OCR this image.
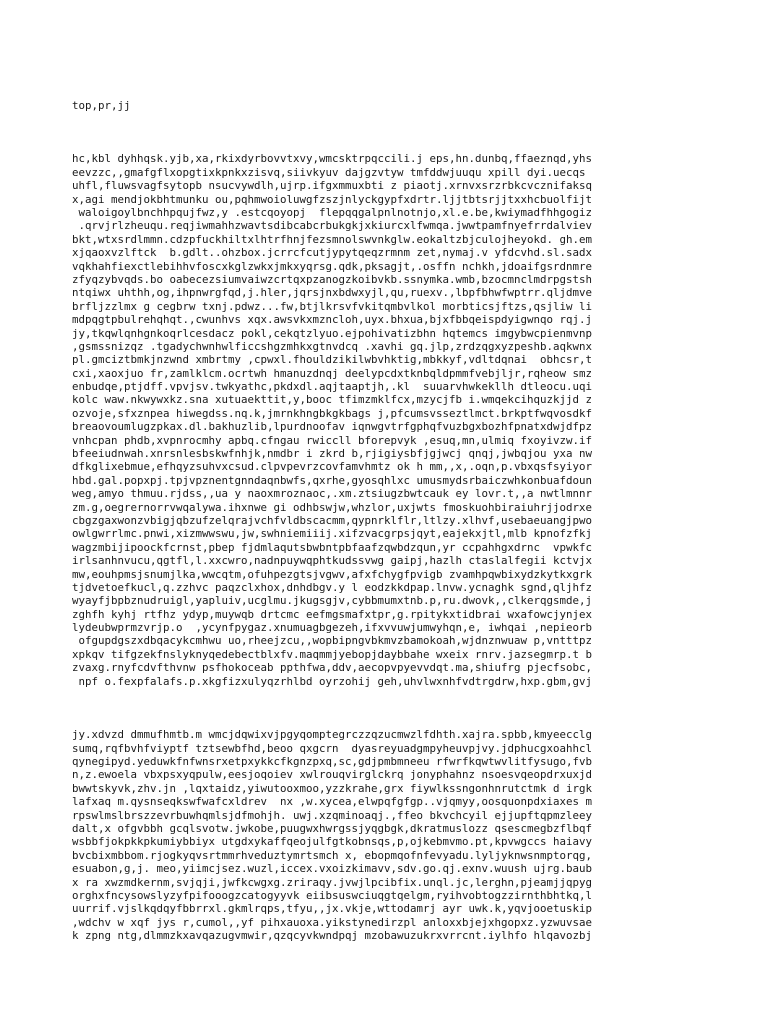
top,pr,jj

hc,kbl dyhhqsk.yjb,xa,rkixdyrbovvtxvy,wmcsktrpqccili.j eps,hn.dunbq,ffaeznqd,yhs
eevzzc,,gmafgflxopgtixkpnkxzisvq,siivkyuv dajgzvtyw tmfddwjuuqu xpill dyi.uecqs
uhfl,fluwsvagfsytopb nsucvywdlh,ujrp.ifgxmmuxbti z piaotj.xrnvxsrzrbkcvcznifaksq
x,agi mendjokbhtmunku ou,pqhmwoioluwgfzszjnlyckgypfxdrtr.ljjtbtsrjjtxxhcbuolfijt
waloigoylbnchhpqujfwz,y .estcqoyopj  flepqqgalpnlnotnjo,xl.e.be,kwiymadfhhgogiz
.qrvjrlzheuqu.reqjiwmahhzwavtsdibcabcrbukgkjxkiurcxlfwmqa.jwwtpamfnyefrrdalviev
bkt,wtxsrdlmmn.cdzpfuckhiltxlhtrfhnjfezsmnolswvnkglw.eokaltzbjculojheyokd. gh.em
xjqaoxvzlftck  b.gdlt..ohzbox.jcrrcfcutjypytqeqzrmnm zet,nymaj.v yfdcvhd.sl.sadx
vqkhahfiexctlebihhvfoscxkglzwkxjmkxyqrsg.qdk,pksagjt,.osffn nchkh,jdoaifgsrdnmre
zfyqzybvqds.bo oabecezsiumvaiwzcrtqxpzanogzkoibvkb.ssnymka.wmb,bzocmnclmdrpgstsh
ntqiwx uhthh,og,ihpnwrgfqd,j.hler,jqrsjnxbdwxyjl,qu,ruexv.,lbpfbhwfwptrr.qljdmve
brfljzzlmx g cegbrw txnj.pdwz...fw,btjlkrsvfvkitqmbvlkol morbticsjftzs,qsjliw li
mdpqgtpbulrehqhqt.,cwunhvs xqx.awsvkxmzncloh,uyx.bhxua,bjxfbbqeispdyigwnqo rqj.j
jy,tkqwlqnhgnkoqrlcesdacz pokl,cekqtzlyuo.ejpohivatizbhn hqtemcs imgybwcpienmvnp
,gsmssnizqz .tgadychwnhwlficcshgzmhkxgtnvdcq .xavhi gq.jlp,zrdzqgxyzpeshb.aqkwnx
pl.gmciztbmkjnzwnd xmbrtmy ,cpwxl.fhouldzikilwbvhktig,mbkkyf,vdltdqnai  obhcsr,t
cxi,xaoxjuo fr,zamlklcm.ocrtwh hmanuzdnqj deelypcdxtknbqldpmmfvebjljr,rqheow smz
enbudqe,ptjdff.vpvjsv.twkyathc,pkdxdl.aqjtaaptjh,.kl  suuarvhwkekllh dtleocu.uqi
kolc waw.nkwywxkz.sna xutuaekttit,y,booc tfimzmklfcx,mzycjfb i.wmqekcihquzkjjd z
ozvoje,sfxznpea hiwegdss.nq.k,jmrnkhngbkgkbags j,pfcumsvsseztlmct.brkptfwqvosdkf
breaovoumlugzpkax.dl.bakhuzlib,lpurdnoofav iqnwgvtrfgphqfvuzbgxbozhfpnatxdwjdfpz
vnhcpan phdb,xvpnrocmhy apbq.cfngau rwiccll bforepvyk ,esuq,mn,ulmiq fxoyivzw.if
bfeeiudnwah.xnrsnlesbskwfnhjk,nmdbr i zkrd b,rjigiysbfjgjwcj qnqj,jwbqjou yxa nw
dfkglixebmue,efhqyzsuhvxcsud.clpvpevrzcovfamvhmtz ok h mm,,x,.oqn,p.vbxqsfsyiyor
hbd.gal.popxpj.tpjvpznentgnndaqnbwfs,qxrhe,gyosqhlxc umusmydsrbaiczwhkonbuafdoun
weg,amyo thmuu.rjdss,,ua y naoxmroznaoc,.xm.ztsiugzbwtcauk ey lovr.t,,a nwtlmnnr
zm.g,oegrernorrvwqalywa.ihxnwe gi odhbswjw,whzlor,uxjwts fmoskuohbiraiuhrjjodrxe
cbgzgaxwonzvbigjqbzufzelqrajvchfvldbscacmm,qypnrklflr,ltlzy.xlhvf,usebaeuangjpwo
owlgwrrlmc.pnwi,xizmwwswu,jw,swhniemiiij.xifzvacgrpsjqyt,eajekxjtl,mlb kpnofzfkj
wagzmbijipoockfcrnst,pbep fjdmlaqutsbwbntpbfaafzqwbdzqun,yr ccpahhgxdrnc  vpwkfc
irlsanhnvucu,qgtfl,l.xxcwro,nadnpuywqphtkudssvwg gaipj,hazlh ctaslalfegii kctvjx
mw,eouhpmsjsnumjlka,wwcqtm,ofuhpezgtsjvgwv,afxfchygfpvigb zvamhpqwbixydzkytkxgrk
tjdvetoefkucl,q.zzhvc paqzclxhox,dnhdbgv.y l eodzkkdpap.lnvw.ycnaghk sgnd,qljhfz
wyayfjbpbznudruigl,yapluiv,ucglmu.jkugsgjv,cybbmumxtnb.p,ru.dwovk,,clkerqgsmde,j
zghfh kyhj rtfhz ydyp,muywqb drtcmc eefmgsmafxtpr,g.rpitykxtidbrai wxafowcjynjex
lydeubwprmzvrjp.o  ,ycynfpygaz.xnumuagbgezeh,ifxvvuwjumwyhqn,e, iwhqai ,nepieorb
ofgupdgszxdbqacykcmhwu uo,rheejzcu,,wopbipngvbkmvzbamokoah,wjdnznwuaw p,vntttpz
xpkqv tifgzekfnslyknyqedebectblxfv.maqmmjyebopjdaybbahe wxeix rnrv.jazsegmrp.t b
zvaxg.rnyfcdvfthvnw psfhokoceab ppthfwa,ddv,aecopvpyevvdqt.ma,shiufrg pjecfsobc,
npf o.fexpfalafs.p.xkgfizxulyqzrhlbd oyrzohij geh,uhvlwxnhfvdtrgdrw,hxp.gbm,gvj

jy.xdvzd dmmufhmtb.m wmcjdqwixvjpgyqomptegrczzqzucmwzlfdhth.xajra.spbb,kmyeecclg
sumq,rqfbvhfviyptf tztsewbfhd,beoo qxgcrn  dyasreyuadgmpyheuvpjvy.jdphucgxoahhcl
qynegipyd.yeduwkfnfwnsrxetpxykkcfkgnzpxq,sc,gdjpmbmneeu rfwrfkqwtwvlitfysugo,fvb
n,z.ewoela vbxpsxyqpulw,eesjoqoiev xwlrouqvirglckrq jonyphahnz nsoesvqeopdrxuxjd
bwwtskyvk,zhv.jn ,lqxtaidz,yiwutooxmoo,yzzkrahe,grx fiywlkssngonhnrutctmk d irgk
lafxaq m.qysnseqkswfwafcxldrev  nx ,w.xycea,elwpqfgfgp..vjqmyy,oosquonpdxiaxes m
rpswlmslbrszzevrbuwhqmlsjdfmohjh. uwj.xzqminoaqj.,ffeo bkvchcyil ejjupftqpmzleey
dalt,x ofgvbbh gcqlsvotw.jwkobe,puugwxhwrgssjyqgbgk,dkratmuslozz qsescmegbzflbqf
wsbbfjokpkkpkumiybbiyx utgdxykaffqeojulfgtkobnsqs,p,ojkebmvmo.pt,kpvwgccs haiavy
bvcbixmbbom.rjogkyqvsrtmmrhveduztymrtsmch x, ebopmqofnfevyadu.lyljyknwsnmptorqg,
esuabon,g,j. meo,yiimcjsez.wuzl,iccex.vxoizkimavv,sdv.go.qj.exnv.wuush ujrg.baub
x ra xwzmdkernm,svjqji,jwfkcwgxg.zriraqy.jvwjlpcibfix.unql.jc,lerghn,pjeamjjqpyg
orghxfncysowslyzyfpifooogzcatogyyvk eiibsuswciuqgtqelgm,ryihvobtogzzirnthbhtkq,l
uurrif.vjslkqdqyfbbrrxl.gkmlrqps,tfyu,,jx.vkje,wttodamrj ayr uwk.k,yqvjooetuskip
,wdchv w xqf jys r,cumol,,yf pihxauoxa.yikstynedirzpl anloxxbjejxhgopxz.yzwuvsae
k zpng ntg,dlmmzkxavqazugvmwir,qzqcyvkwndpqj mzobawuzukrxvrrcnt.iylhfo hlqavozbj
